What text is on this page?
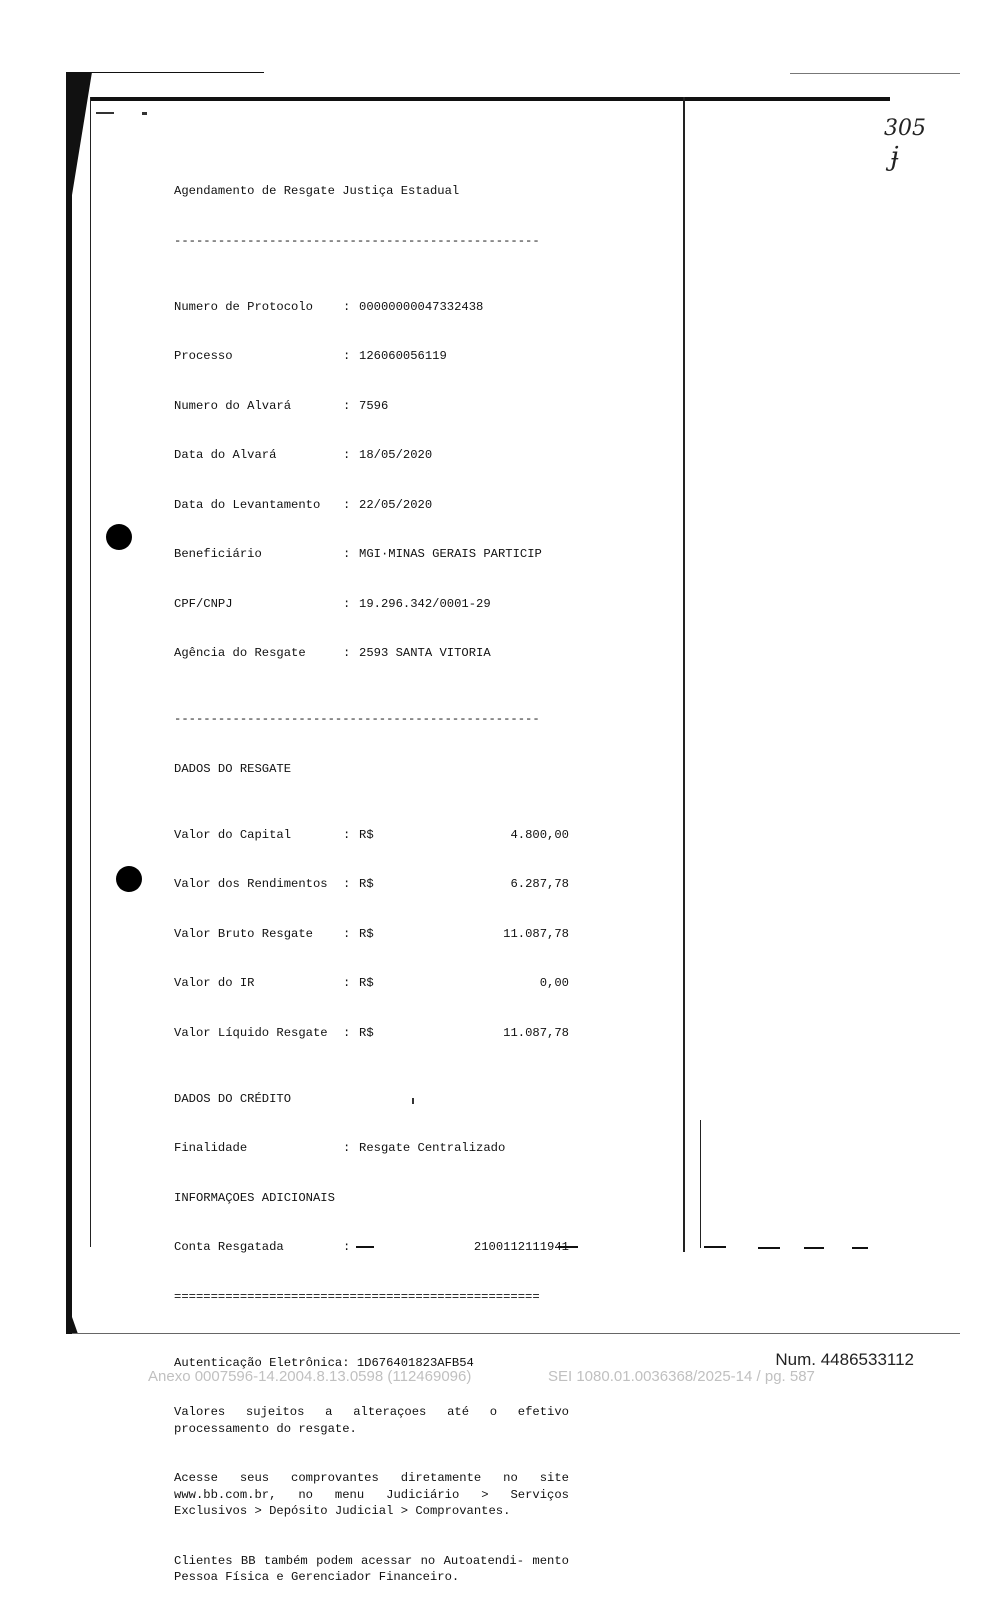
305
ɉ

Agendamento de Resgate Justiça Estadual

--------------------------------------------------

Numero de Protocolo	: 00000000047332438

Processo	: 126060056119

Numero do Alvará	: 7596

Data do Alvará	: 18/05/2020

Data do Levantamento	: 22/05/2020

Beneficiário	: MGI·MINAS GERAIS PARTICIP

CPF/CNPJ	: 19.296.342/0001-29

Agência do Resgate	: 2593 SANTA VITORIA

--------------------------------------------------

DADOS DO RESGATE

Valor do Capital	: R$	4.800,00

Valor dos Rendimentos	: R$	6.287,78

Valor Bruto Resgate	: R$	11.087,78

Valor do IR	: R$	0,00

Valor Líquido Resgate	: R$	11.087,78

DADOS DO CRÉDITO

Finalidade	: Resgate Centralizado

INFORMAÇOES ADICIONAIS

Conta Resgatada	:	2100112111941

==================================================

Autenticação Eletrônica: 1D676401823AFB54

Valores sujeitos a alteraçoes até o efetivo processamento do resgate.

Acesse seus comprovantes diretamente no site www.bb.com.br, no menu Judiciário > Serviços Exclusivos > Depósito Judicial > Comprovantes.

Clientes BB também podem acessar no Autoatendi- mento Pessoa Física e Gerenciador Financeiro.

Num. 4486533112
Anexo 0007596-14.2004.8.13.0598 (112469096)	SEI 1080.01.0036368/2025-14 / pg. 587
